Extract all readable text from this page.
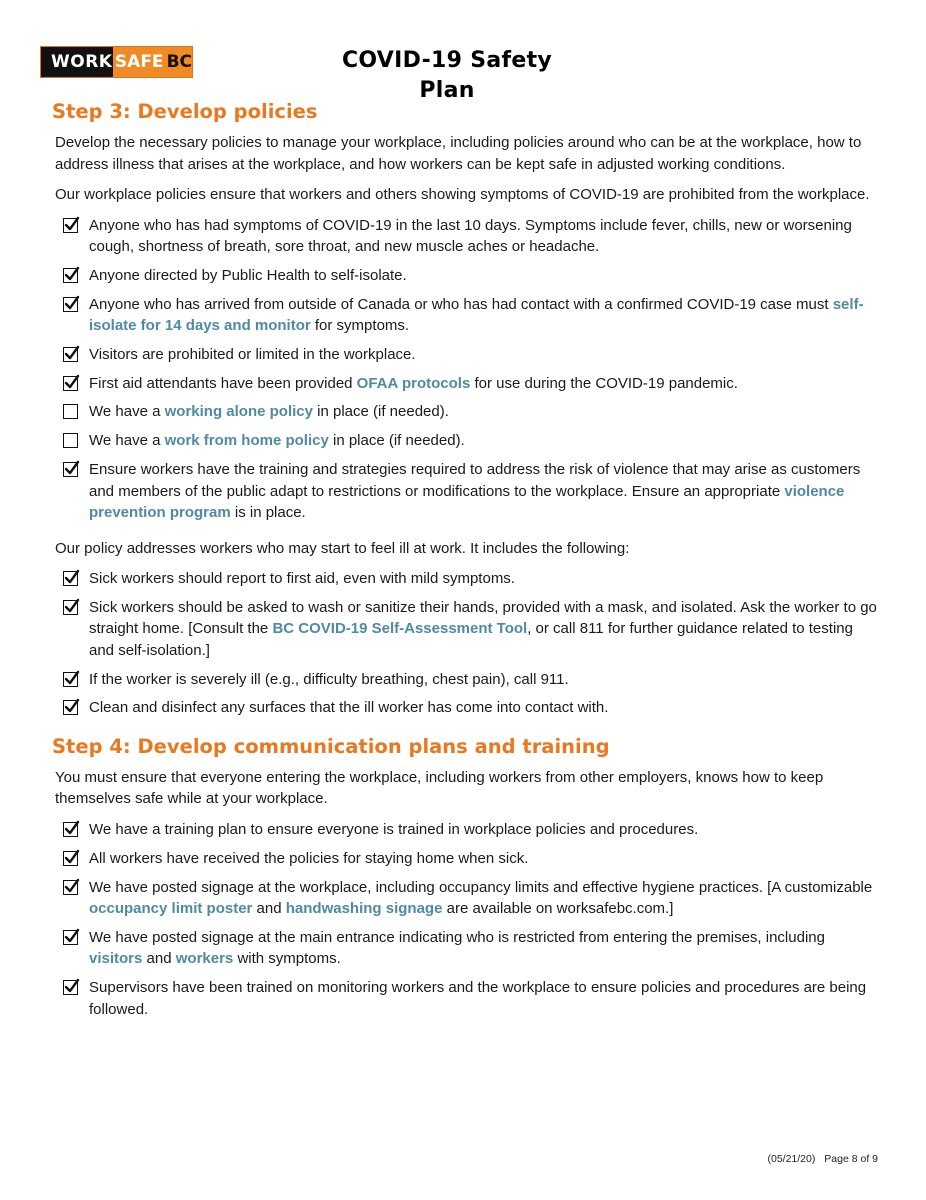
WORK SAFE BC	COVID-19 Safety Plan
Step 3: Develop policies

Develop the necessary policies to manage your workplace, including policies around who can be at the workplace, how to address illness that arises at the workplace, and how workers can be kept safe in adjusted working conditions.

Our workplace policies ensure that workers and others showing symptoms of COVID-19 are prohibited from the workplace.

Anyone who has had symptoms of COVID-19 in the last 10 days. Symptoms include fever, chills, new or worsening cough, shortness of breath, sore throat, and new muscle aches or headache.
Anyone directed by Public Health to self-isolate.
Anyone who has arrived from outside of Canada or who has had contact with a confirmed COVID-19 case must self-isolate for 14 days and monitor for symptoms.
Visitors are prohibited or limited in the workplace.
First aid attendants have been provided OFAA protocols for use during the COVID-19 pandemic.
We have a working alone policy in place (if needed).
We have a work from home policy in place (if needed).
Ensure workers have the training and strategies required to address the risk of violence that may arise as customers and members of the public adapt to restrictions or modifications to the workplace. Ensure an appropriate violence prevention program is in place.

Our policy addresses workers who may start to feel ill at work. It includes the following:

Sick workers should report to first aid, even with mild symptoms.
Sick workers should be asked to wash or sanitize their hands, provided with a mask, and isolated. Ask the worker to go straight home. [Consult the BC COVID-19 Self-Assessment Tool, or call 811 for further guidance related to testing and self-isolation.]
If the worker is severely ill (e.g., difficulty breathing, chest pain), call 911.
Clean and disinfect any surfaces that the ill worker has come into contact with.
Step 4: Develop communication plans and training

You must ensure that everyone entering the workplace, including workers from other employers, knows how to keep themselves safe while at your workplace.

We have a training plan to ensure everyone is trained in workplace policies and procedures.
All workers have received the policies for staying home when sick.
We have posted signage at the workplace, including occupancy limits and effective hygiene practices. [A customizable occupancy limit poster and handwashing signage are available on worksafebc.com.]
We have posted signage at the main entrance indicating who is restricted from entering the premises, including visitors and workers with symptoms.
Supervisors have been trained on monitoring workers and the workplace to ensure policies and procedures are being followed.
(05/21/20) Page 8 of 9
